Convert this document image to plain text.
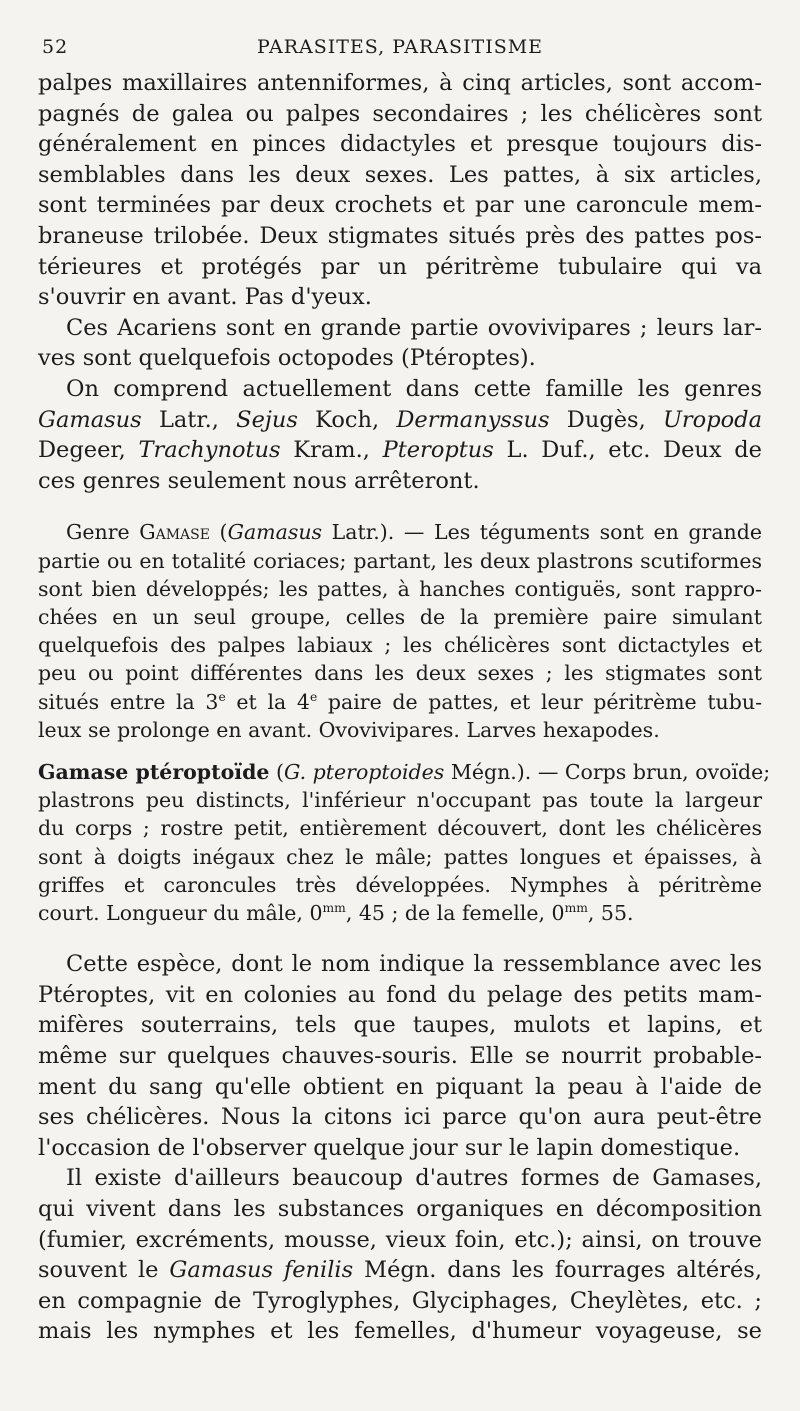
52	PARASITES, PARASITISME
palpes maxillaires antenniformes, à cinq articles, sont accom-
pagnés de galea ou palpes secondaires ; les chélicères sont
généralement en pinces didactyles et presque toujours dis-
semblables dans les deux sexes. Les pattes, à six articles,
sont terminées par deux crochets et par une caroncule mem-
braneuse trilobée. Deux stigmates situés près des pattes pos-
térieures et protégés par un péritrème tubulaire qui va
s'ouvrir en avant. Pas d'yeux.
Ces Acariens sont en grande partie ovovivipares ; leurs lar-
ves sont quelquefois octopodes (Ptéroptes).
On comprend actuellement dans cette famille les genres
Gamasus Latr., Sejus Koch, Dermanyssus Dugès, Uropoda
Degeer, Trachynotus Kram., Pteroptus L. Duf., etc. Deux de
ces genres seulement nous arrêteront.
Genre Gamase (Gamasus Latr.). — Les téguments sont en grande
partie ou en totalité coriaces; partant, les deux plastrons scutiformes
sont bien développés; les pattes, à hanches contiguës, sont rappro-
chées en un seul groupe, celles de la première paire simulant
quelquefois des palpes labiaux ; les chélicères sont dictactyles et
peu ou point différentes dans les deux sexes ; les stigmates sont
situés entre la 3e et la 4e paire de pattes, et leur péritrème tubu-
leux se prolonge en avant. Ovovivipares. Larves hexapodes.
Gamase ptéroptoïde (G. pteroptoides Mégn.). — Corps brun, ovoïde;
plastrons peu distincts, l'inférieur n'occupant pas toute la largeur
du corps ; rostre petit, entièrement découvert, dont les chélicères
sont à doigts inégaux chez le mâle; pattes longues et épaisses, à
griffes et caroncules très développées. Nymphes à péritrème
court. Longueur du mâle, $0^{mm}$, 45 ; de la femelle, $0^{mm}$, 55.
Cette espèce, dont le nom indique la ressemblance avec les
Ptéroptes, vit en colonies au fond du pelage des petits mam-
mifères souterrains, tels que taupes, mulots et lapins, et
même sur quelques chauves-souris. Elle se nourrit probable-
ment du sang qu'elle obtient en piquant la peau à l'aide de
ses chélicères. Nous la citons ici parce qu'on aura peut-être
l'occasion de l'observer quelque jour sur le lapin domestique.
Il existe d'ailleurs beaucoup d'autres formes de Gamases,
qui vivent dans les substances organiques en décomposition
(fumier, excréments, mousse, vieux foin, etc.); ainsi, on trouve
souvent le Gamasus fenilis Mégn. dans les fourrages altérés,
en compagnie de Tyroglyphes, Glyciphages, Cheylètes, etc. ;
mais les nymphes et les femelles, d'humeur voyageuse, se
